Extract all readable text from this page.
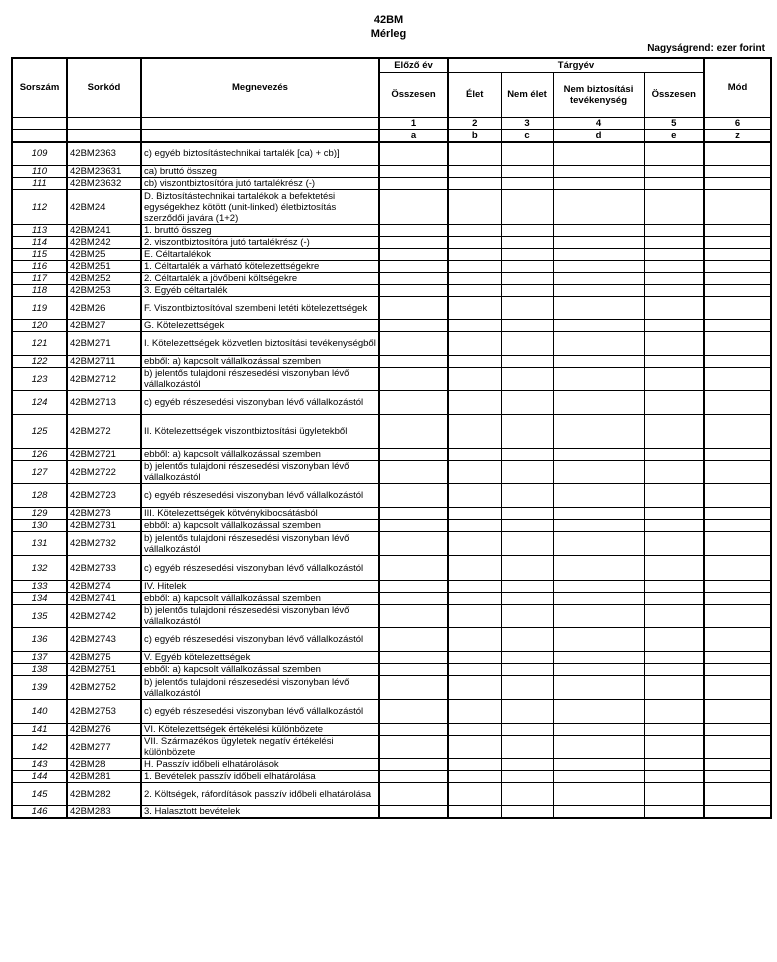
42BM
Mérleg
Nagyságrend: ezer forint
Sorszám	Sorkód	Megnevezés	Előző év	Tárgyév				Mód
			Összesen	Élet	Nem élet	Nem biztosítási tevékenység	Összesen	
			1	2	3	4	5	6
			a	b	c	d	e	z
109	42BM2363	c) egyéb biztosítástechnikai tartalék [ca) + cb)]						
110	42BM23631	ca) bruttó összeg						
111	42BM23632	cb) viszontbiztosítóra jutó tartalékrész (-)						
112	42BM24	D. Biztosítástechnikai tartalékok a befektetési egységekhez kötött (unit-linked) életbiztosítás szerződői javára (1+2)						
113	42BM241	1. bruttó összeg						
114	42BM242	2. viszontbiztosítóra jutó tartalékrész (-)						
115	42BM25	E. Céltartalékok						
116	42BM251	1. Céltartalék a várható kötelezettségekre						
117	42BM252	2. Céltartalék a jövőbeni költségekre						
118	42BM253	3. Egyéb céltartalék						
119	42BM26	F. Viszontbiztosítóval szembeni letéti kötelezettségek						
120	42BM27	G. Kötelezettségek						
121	42BM271	I. Kötelezettségek közvetlen biztosítási tevékenységből						
122	42BM2711	ebből: a) kapcsolt vállalkozással szemben						
123	42BM2712	b) jelentős tulajdoni részesedési viszonyban lévő vállalkozástól						
124	42BM2713	c) egyéb részesedési viszonyban lévő vállalkozástól						
125	42BM272	II. Kötelezettségek viszontbiztosítási ügyletekből						
126	42BM2721	ebből: a) kapcsolt vállalkozással szemben						
127	42BM2722	b) jelentős tulajdoni részesedési viszonyban lévő vállalkozástól						
128	42BM2723	c) egyéb részesedési viszonyban lévő vállalkozástól						
129	42BM273	III. Kötelezettségek kötvénykibocsátásból						
130	42BM2731	ebből: a) kapcsolt vállalkozással szemben						
131	42BM2732	b) jelentős tulajdoni részesedési viszonyban lévő vállalkozástól						
132	42BM2733	c) egyéb részesedési viszonyban lévő vállalkozástól						
133	42BM274	IV. Hitelek						
134	42BM2741	ebből: a) kapcsolt vállalkozással szemben						
135	42BM2742	b) jelentős tulajdoni részesedési viszonyban lévő vállalkozástól						
136	42BM2743	c) egyéb részesedési viszonyban lévő vállalkozástól						
137	42BM275	V. Egyéb kötelezettségek						
138	42BM2751	ebből: a) kapcsolt vállalkozással szemben						
139	42BM2752	b) jelentős tulajdoni részesedési viszonyban lévő vállalkozástól						
140	42BM2753	c) egyéb részesedési viszonyban lévő vállalkozástól						
141	42BM276	VI. Kötelezettségek értékelési különbözete						
142	42BM277	VII. Származékos ügyletek negatív értékelési különbözete						
143	42BM28	H. Passzív időbeli elhatárolások						
144	42BM281	1. Bevételek passzív időbeli elhatárolása						
145	42BM282	2. Költségek, ráfordítások passzív időbeli elhatárolása						
146	42BM283	3. Halasztott bevételek						
